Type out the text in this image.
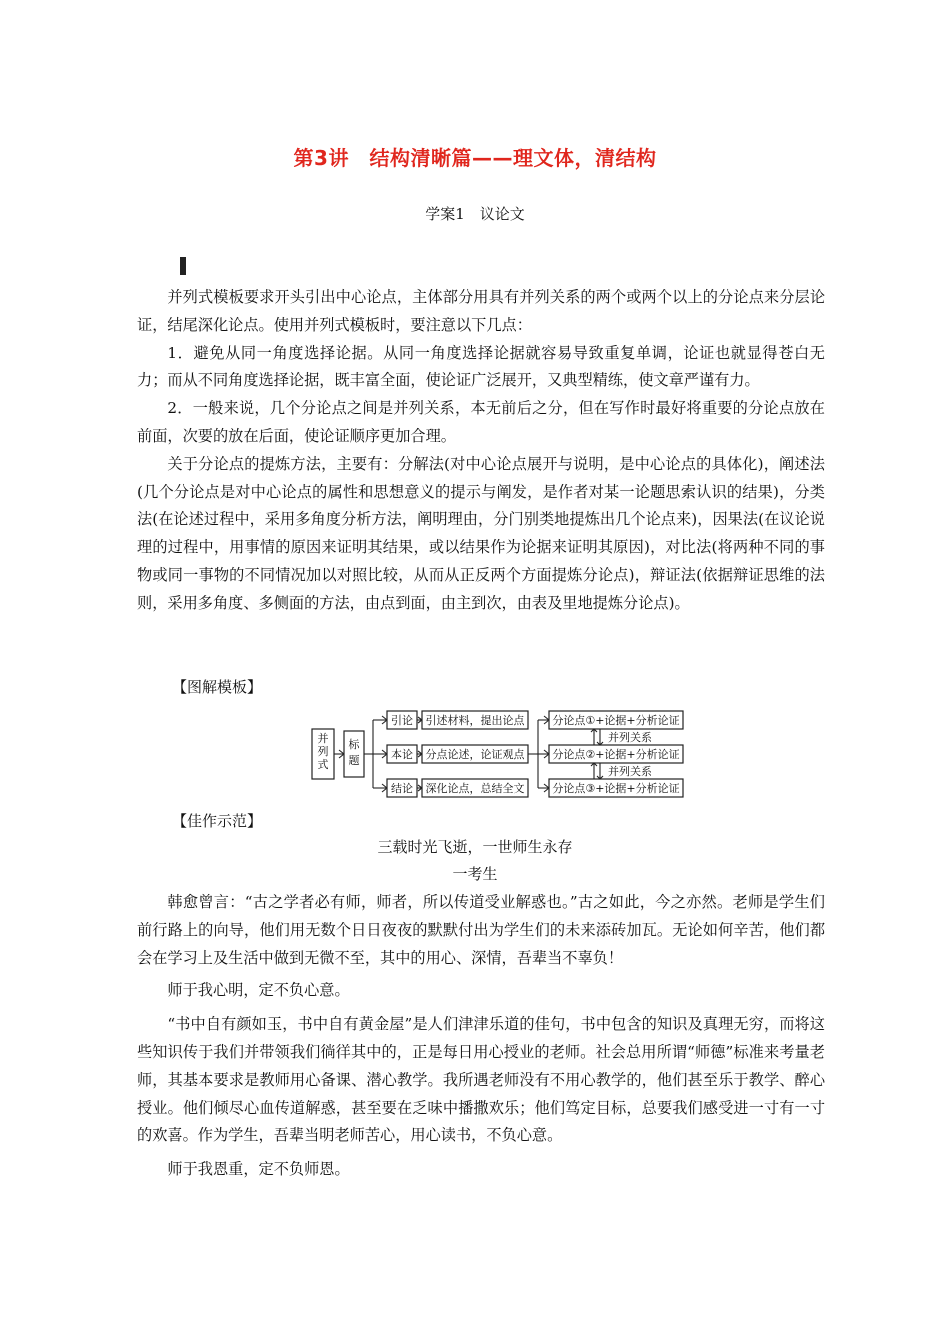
第3讲　结构清晰篇——理文体，清结构
学案1　议论文

并列式模板要求开头引出中心论点，主体部分用具有并列关系的两个或两个以上的分论点来分层论证，结尾深化论点。使用并列式模板时，要注意以下几点：

1．避免从同一角度选择论据。从同一角度选择论据就容易导致重复单调，论证也就显得苍白无力；而从不同角度选择论据，既丰富全面，使论证广泛展开，又典型精练，使文章严谨有力。

2．一般来说，几个分论点之间是并列关系，本无前后之分，但在写作时最好将重要的分论点放在前面，次要的放在后面，使论证顺序更加合理。

关于分论点的提炼方法，主要有：分解法(对中心论点展开与说明，是中心论点的具体化)，阐述法(几个分论点是对中心论点的属性和思想意义的提示与阐发，是作者对某一论题思索认识的结果)，分类法(在论述过程中，采用多角度分析方法，阐明理由，分门别类地提炼出几个论点来)，因果法(在议论说理的过程中，用事情的原因来证明其结果，或以结果作为论据来证明其原因)，对比法(将两种不同的事物或同一事物的不同情况加以对照比较，从而从正反两个方面提炼分论点)，辩证法(依据辩证思维的法则，采用多角度、多侧面的方法，由点到面，由主到次，由表及里地提炼分论点)。

【图解模板】
并列式
标题
引论 引述材料，提出论点
本论 分点论述，论证观点
结论 深化论点，总结全文
分论点①+论据+分析论证
分论点②+论据+分析论证
分论点③+论据+分析论证
并列关系
并列关系
【佳作示范】
三载时光飞逝，一世师生永存
一考生

韩愈曾言：“古之学者必有师，师者，所以传道受业解惑也。”古之如此，今之亦然。老师是学生们前行路上的向导，他们用无数个日日夜夜的默默付出为学生们的未来添砖加瓦。无论如何辛苦，他们都会在学习上及生活中做到无微不至，其中的用心、深情，吾辈当不辜负！

师于我心明，定不负心意。

“书中自有颜如玉，书中自有黄金屋”是人们津津乐道的佳句，书中包含的知识及真理无穷，而将这些知识传于我们并带领我们徜徉其中的，正是每日用心授业的老师。社会总用所谓“师德”标准来考量老师，其基本要求是教师用心备课、潜心教学。我所遇老师没有不用心教学的，他们甚至乐于教学、醉心授业。他们倾尽心血传道解惑，甚至要在乏味中播撒欢乐；他们笃定目标，总要我们感受进一寸有一寸的欢喜。作为学生，吾辈当明老师苦心，用心读书，不负心意。

师于我恩重，定不负师恩。
